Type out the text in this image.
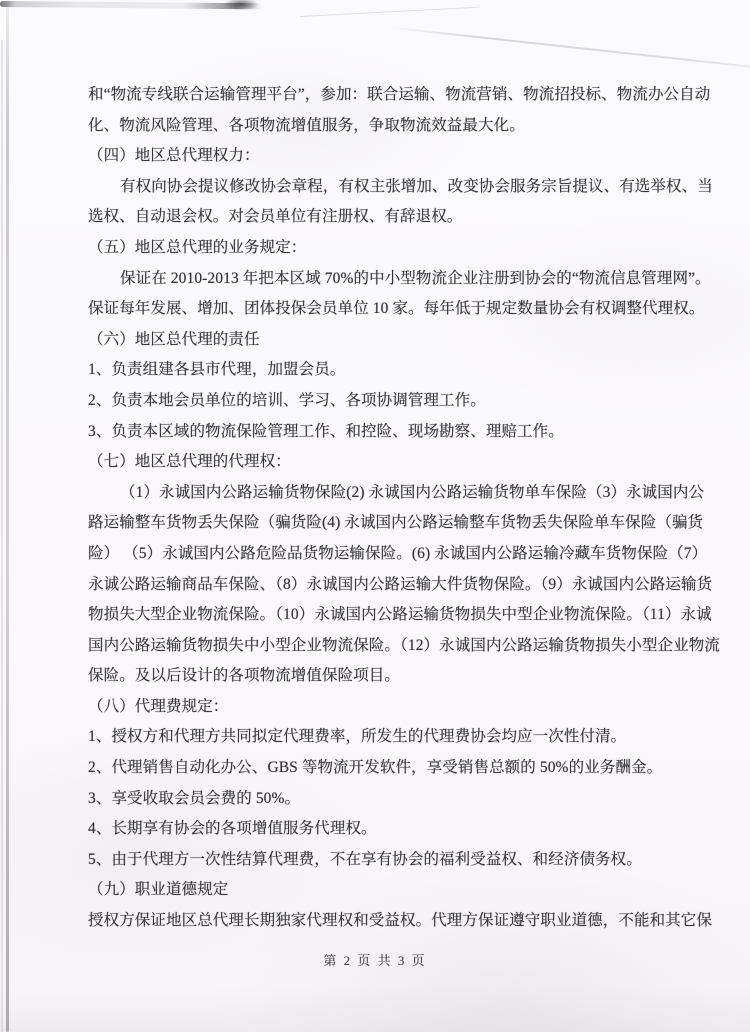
和“物流专线联合运输管理平台”，参加：联合运输、物流营销、物流招投标、物流办公自动
化、物流风险管理、各项物流增值服务，争取物流效益最大化。
（四）地区总代理权力：
有权向协会提议修改协会章程，有权主张增加、改变协会服务宗旨提议、有选举权、当
选权、自动退会权。对会员单位有注册权、有辞退权。
（五）地区总代理的业务规定：
保证在 2010-2013 年把本区域 70%的中小型物流企业注册到协会的“物流信息管理网”。
保证每年发展、增加、团体投保会员单位 10 家。每年低于规定数量协会有权调整代理权。
（六）地区总代理的责任
1、负责组建各县市代理，加盟会员。
2、负责本地会员单位的培训、学习、各项协调管理工作。
3、负责本区域的物流保险管理工作、和控险、现场勘察、理赔工作。
（七）地区总代理的代理权：
（1）永诚国内公路运输货物保险(2) 永诚国内公路运输货物单车保险（3）永诚国内公
路运输整车货物丢失保险（骗货险(4) 永诚国内公路运输整车货物丢失保险单车保险（骗货
险） （5）永诚国内公路危险品货物运输保险。(6) 永诚国内公路运输冷藏车货物保险（7）
永诚公路运输商品车保险、（8）永诚国内公路运输大件货物保险。（9）永诚国内公路运输货
物损失大型企业物流保险。（10）永诚国内公路运输货物损失中型企业物流保险。（11）永诚
国内公路运输货物损失中小型企业物流保险。（12）永诚国内公路运输货物损失小型企业物流
保险。及以后设计的各项物流增值保险项目。
（八）代理费规定：
1、授权方和代理方共同拟定代理费率，所发生的代理费协会均应一次性付清。
2、代理销售自动化办公、GBS 等物流开发软件，享受销售总额的 50%的业务酬金。
3、享受收取会员会费的 50%。
4、长期享有协会的各项增值服务代理权。
5、由于代理方一次性结算代理费，不在享有协会的福利受益权、和经济债务权。
（九）职业道德规定
授权方保证地区总代理长期独家代理权和受益权。代理方保证遵守职业道德，不能和其它保
第 2 页 共 3 页
